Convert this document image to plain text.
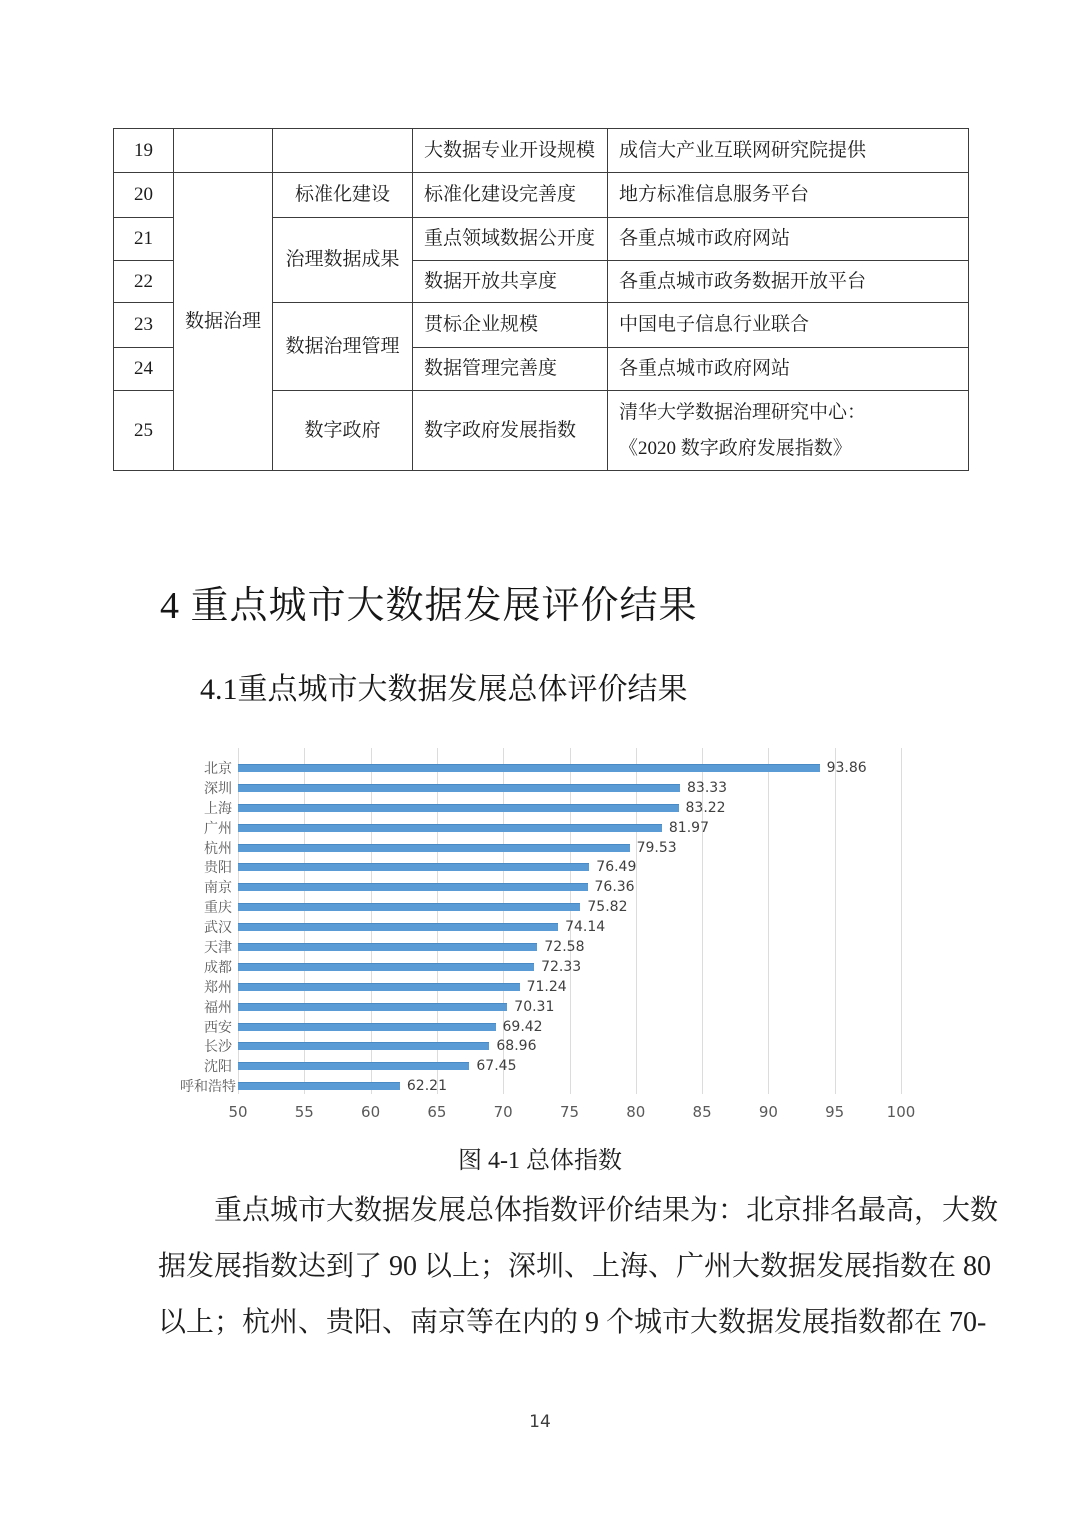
19			大数据专业开设规模	成信大产业互联网研究院提供
20	数据治理	标准化建设	标准化建设完善度	地方标准信息服务平台
21		治理数据成果	重点领域数据公开度	各重点城市政府网站
22			数据开放共享度	各重点城市政务数据开放平台
23		数据治理管理	贯标企业规模	中国电子信息行业联合
24			数据管理完善度	各重点城市政府网站
25		数字政府	数字政府发展指数	清华大学数据治理研究中心：
《2020 数字政府发展指数》
4 重点城市大数据发展评价结果
4.1重点城市大数据发展总体评价结果
北京	93.86
深圳	83.33
上海	83.22
广州	81.97
杭州	79.53
贵阳	76.49
南京	76.36
重庆	75.82
武汉	74.14
天津	72.58
成都	72.33
郑州	71.24
福州	70.31
西安	69.42
长沙	68.96
沈阳	67.45
呼和浩特	62.21
50	55	60	65	70	75	80	85	90	95	100
图 4-1 总体指数
重点城市大数据发展总体指数评价结果为：北京排名最高，大数
据发展指数达到了 90 以上；深圳、上海、广州大数据发展指数在 80
以上；杭州、贵阳、南京等在内的 9 个城市大数据发展指数都在 70-
14
